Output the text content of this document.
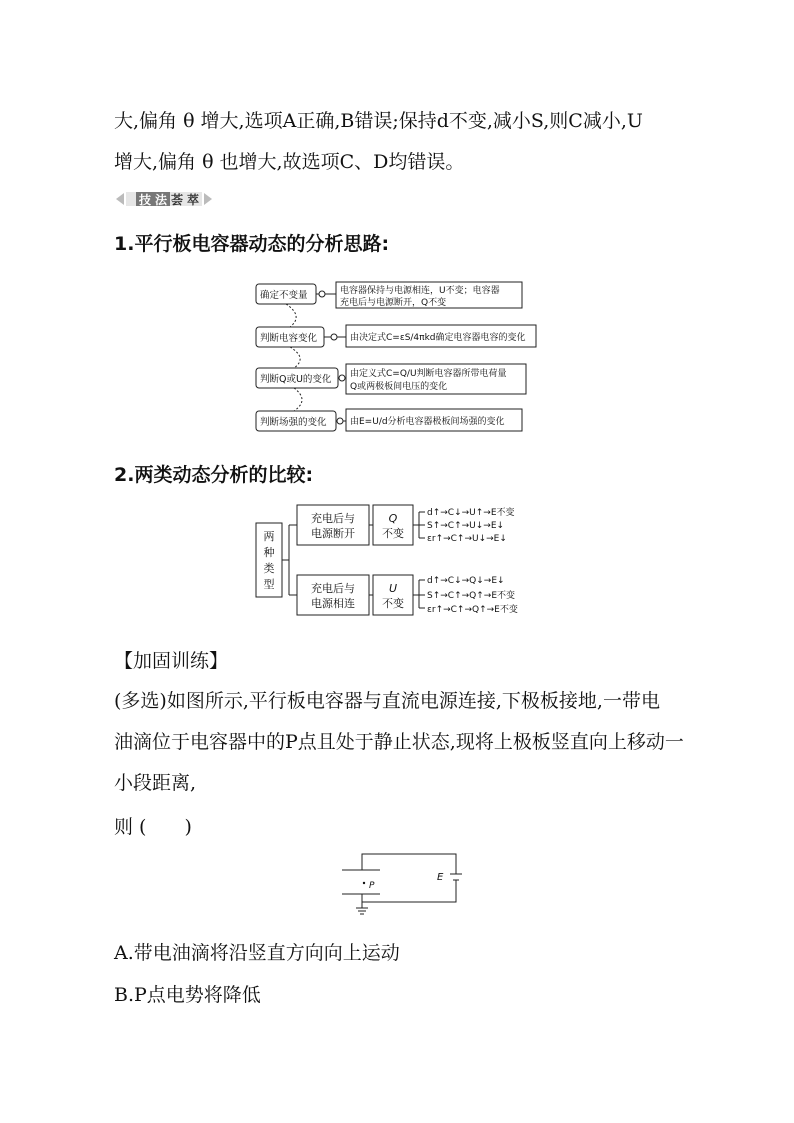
大,偏角 θ 增大,选项A正确,B错误;保持d不变,减小S,则C减小,U
增大,偏角 θ 也增大,故选项C、D均错误。
技 法 荟 萃
1.平行板电容器动态的分析思路:
确定不变量
判断电容变化
判断Q或U的变化
判断场强的变化
电容器保持与电源相连，U不变；电容器
充电后与电源断开，Q不变
由决定式C=εS/4πkd确定电容器电容的变化
由定义式C=Q/U判断电容器所带电荷量
Q或两极板间电压的变化
由E=U/d分析电容器极板间场强的变化
2.两类动态分析的比较:
两
种
类
型
充电后与
电源断开
Q
不变
充电后与
电源相连
U
不变
d↑→C↓→U↑→E不变
S↑→C↑→U↓→E↓
εr↑→C↑→U↓→E↓
d↑→C↓→Q↓→E↓
S↑→C↑→Q↑→E不变
εr↑→C↑→Q↑→E不变
【加固训练】
(多选)如图所示,平行板电容器与直流电源连接,下极板接地,一带电
油滴位于电容器中的P点且处于静止状态,现将上极板竖直向上移动一
小段距离,
则 (　　)
P
E
A.带电油滴将沿竖直方向向上运动
B.P点电势将降低
